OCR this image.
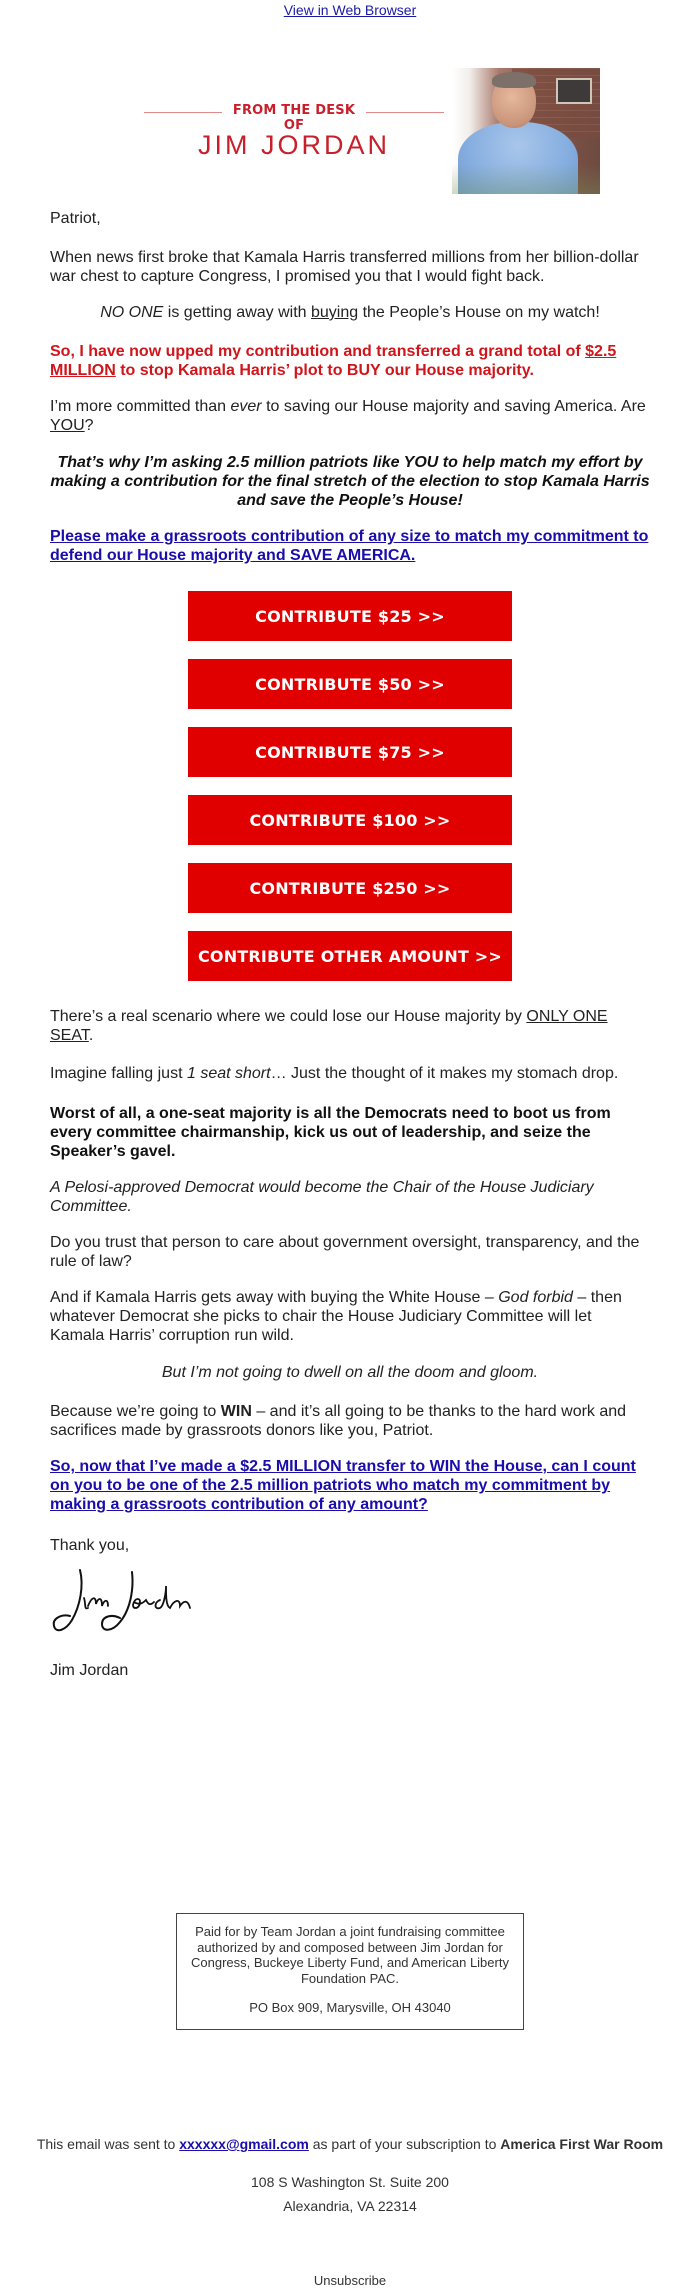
View in Web Browser
FROM THE DESK OF
JIM JORDAN
Patriot,
When news first broke that Kamala Harris transferred millions from her billion-dollar war chest to capture Congress, I promised you that I would fight back.
NO ONE is getting away with buying the People’s House on my watch!
So, I have now upped my contribution and transferred a grand total of $2.5 MILLION to stop Kamala Harris’ plot to BUY our House majority.
I’m more committed than ever to saving our House majority and saving America. Are YOU?
That’s why I’m asking 2.5 million patriots like YOU to help match my effort by making a contribution for the final stretch of the election to stop Kamala Harris and save the People’s House!
Please make a grassroots contribution of any size to match my commitment to defend our House majority and SAVE AMERICA.
CONTRIBUTE $25 >>
CONTRIBUTE $50 >>
CONTRIBUTE $75 >>
CONTRIBUTE $100 >>
CONTRIBUTE $250 >>
CONTRIBUTE OTHER AMOUNT >>
There’s a real scenario where we could lose our House majority by ONLY ONE SEAT.
Imagine falling just 1 seat short… Just the thought of it makes my stomach drop.
Worst of all, a one-seat majority is all the Democrats need to boot us from every committee chairmanship, kick us out of leadership, and seize the Speaker’s gavel.
A Pelosi-approved Democrat would become the Chair of the House Judiciary Committee.
Do you trust that person to care about government oversight, transparency, and the rule of law?
And if Kamala Harris gets away with buying the White House – God forbid – then whatever Democrat she picks to chair the House Judiciary Committee will let Kamala Harris’ corruption run wild.
But I’m not going to dwell on all the doom and gloom.
Because we’re going to WIN – and it’s all going to be thanks to the hard work and sacrifices made by grassroots donors like you, Patriot.
So, now that I’ve made a $2.5 MILLION transfer to WIN the House, can I count on you to be one of the 2.5 million patriots who match my commitment by making a grassroots contribution of any amount?
Thank you,
Jim Jordan
Paid for by Team Jordan a joint fundraising committee authorized by and composed between Jim Jordan for Congress, Buckeye Liberty Fund, and American Liberty Foundation PAC.
PO Box 909, Marysville, OH 43040
This email was sent to xxxxxx@gmail.com as part of your subscription to America First War Room
108 S Washington St. Suite 200
Alexandria, VA 22314
Unsubscribe
